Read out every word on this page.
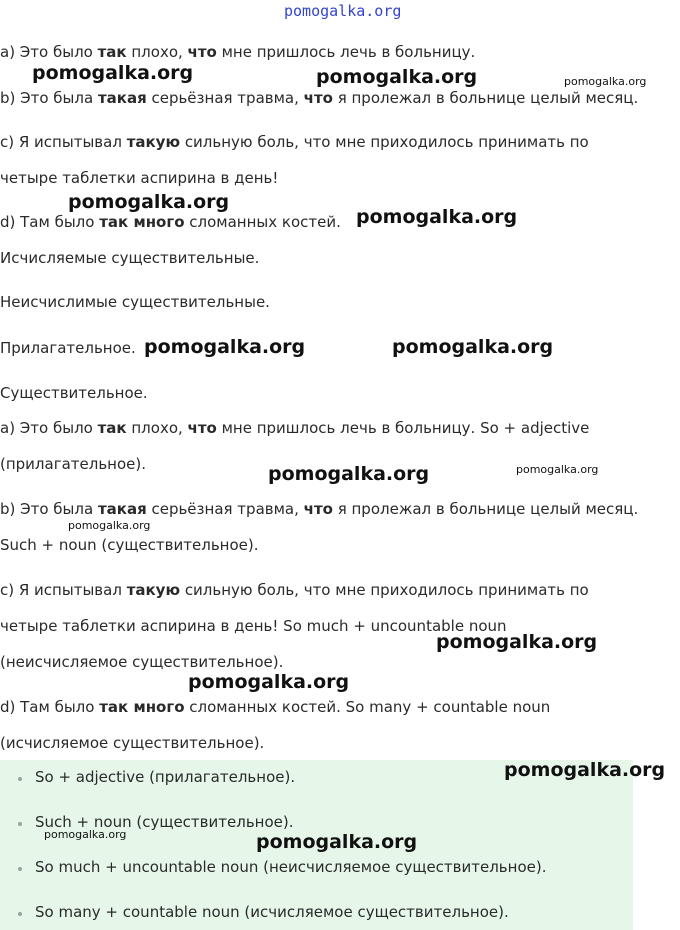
pomogalka.org
a) Это было так плохо, что мне пришлось лечь в больницу.
b) Это была такая серьёзная травма, что я пролежал в больнице целый месяц.
c) Я испытывал такую сильную боль, что мне приходилось принимать по
четыре таблетки аспирина в день!
d) Там было так много сломанных костей.
Исчисляемые существительные.
Неисчислимые существительные.
Прилагательное.
Существительное.
a) Это было так плохо, что мне пришлось лечь в больницу. So + adjective
(прилагательное).
b) Это была такая серьёзная травма, что я пролежал в больнице целый месяц.
Such + noun (существительное).
c) Я испытывал такую сильную боль, что мне приходилось принимать по
четыре таблетки аспирина в день! So much + uncountable noun
(неисчисляемое существительное).
d) Там было так много сломанных костей. So many + countable noun
(исчисляемое существительное).
So + adjective (прилагательное).
Such + noun (существительное).
So much + uncountable noun (неисчисляемое существительное).
So many + countable noun (исчисляемое существительное).
pomogalka.org	pomogalka.org	pomogalka.org
pomogalka.org
pomogalka.org
pomogalka.org	pomogalka.org
pomogalka.org	pomogalka.org
pomogalka.org
pomogalka.org
pomogalka.org
pomogalka.org
pomogalka.org	pomogalka.org
